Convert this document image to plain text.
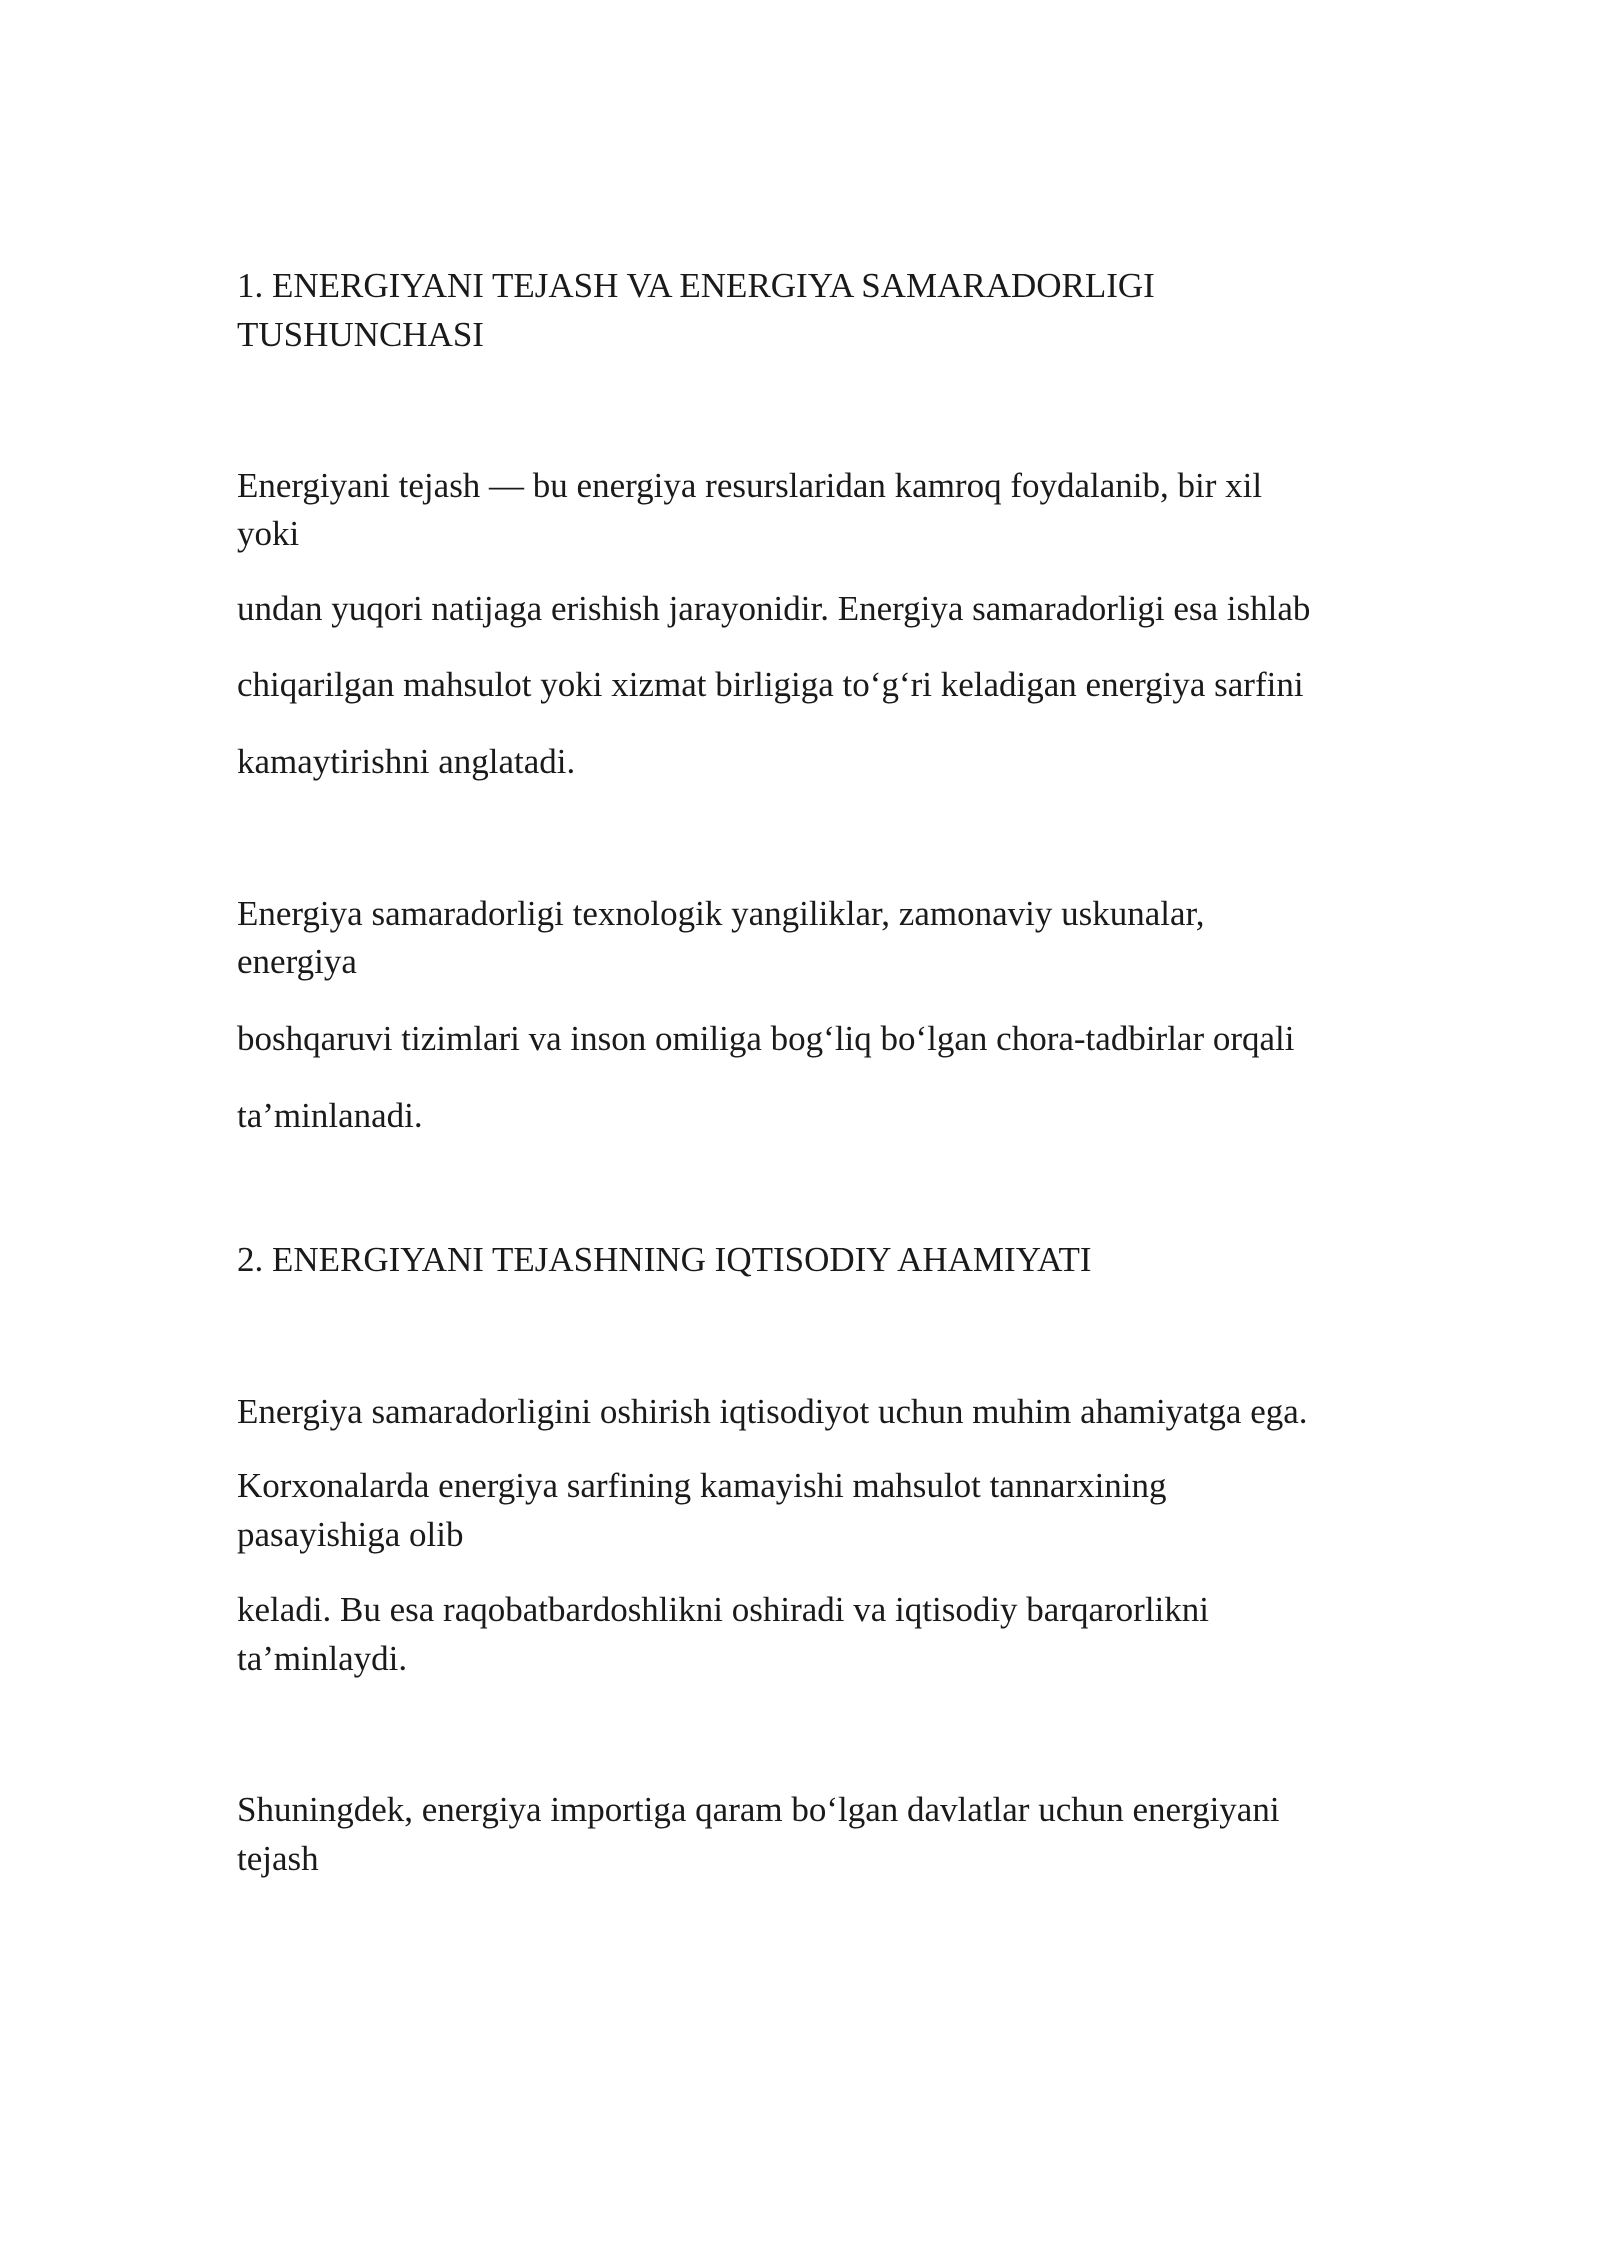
1. ENERGIYANI TEJASH VA ENERGIYA SAMARADORLIGI

TUSHUNCHASI

Energiyani tejash — bu energiya resurslaridan kamroq foydalanib, bir xil

yoki

undan yuqori natijaga erishish jarayonidir. Energiya samaradorligi esa ishlab

chiqarilgan mahsulot yoki xizmat birligiga to‘g‘ri keladigan energiya sarfini

kamaytirishni anglatadi.

Energiya samaradorligi texnologik yangiliklar, zamonaviy uskunalar,

energiya

boshqaruvi tizimlari va inson omiliga bog‘liq bo‘lgan chora-tadbirlar orqali

ta’minlanadi.

2. ENERGIYANI TEJASHNING IQTISODIY AHAMIYATI

Energiya samaradorligini oshirish iqtisodiyot uchun muhim ahamiyatga ega.

Korxonalarda energiya sarfining kamayishi mahsulot tannarxining

pasayishiga olib

keladi. Bu esa raqobatbardoshlikni oshiradi va iqtisodiy barqarorlikni

ta’minlaydi.

Shuningdek, energiya importiga qaram bo‘lgan davlatlar uchun energiyani

tejash
